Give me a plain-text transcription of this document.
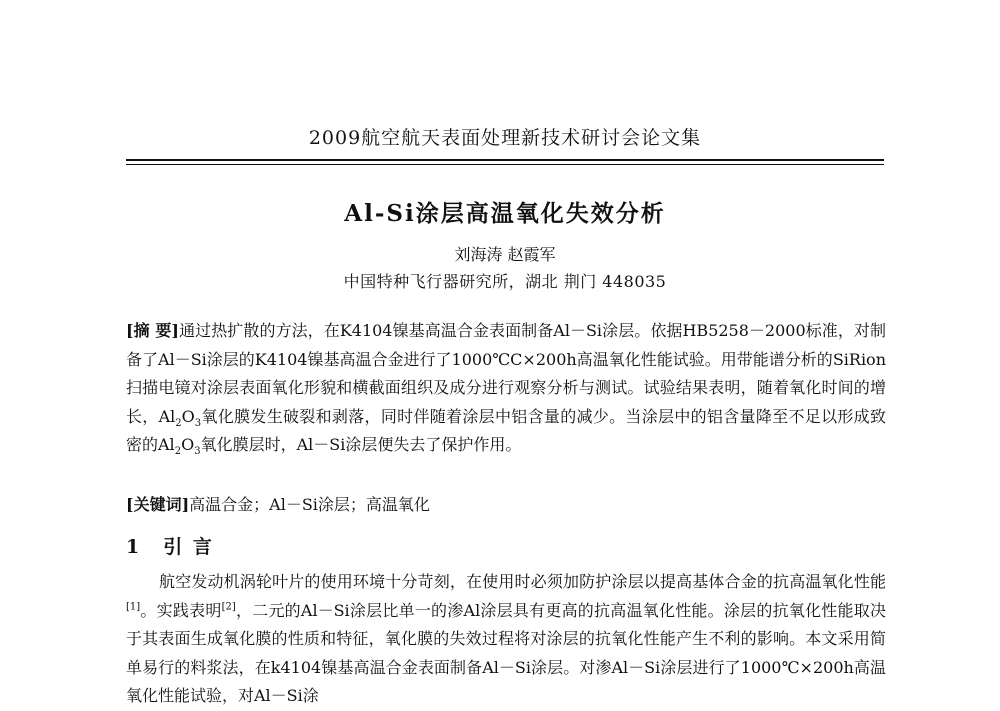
2009航空航天表面处理新技术研讨会论文集
Al-Si涂层高温氧化失效分析
刘海涛 赵霞军
中国特种飞行器研究所，湖北 荆门 448035
[摘 要]通过热扩散的方法，在K4104镍基高温合金表面制备Al－Si涂层。依据HB5258－2000标准，对制备了Al－Si涂层的K4104镍基高温合金进行了1000℃C×200h高温氧化性能试验。用带能谱分析的SiRion扫描电镜对涂层表面氧化形貌和横截面组织及成分进行观察分析与测试。试验结果表明，随着氧化时间的增长，$Al_2O_3$氧化膜发生破裂和剥落，同时伴随着涂层中铝含量的减少。当涂层中的铝含量降至不足以形成致密的$Al_2O_3$氧化膜层时，Al－Si涂层便失去了保护作用。
[关键词]高温合金；Al－Si涂层；高温氧化
1 引 言
航空发动机涡轮叶片的使用环境十分苛刻，在使用时必须加防护涂层以提高基体合金的抗高温氧化性能[1]。实践表明[2]，二元的Al－Si涂层比单一的渗Al涂层具有更高的抗高温氧化性能。涂层的抗氧化性能取决于其表面生成氧化膜的性质和特征，氧化膜的失效过程将对涂层的抗氧化性能产生不利的影响。本文采用简单易行的料浆法，在k4104镍基高温合金表面制备Al－Si涂层。对渗Al－Si涂层进行了1000℃×200h高温氧化性能试验，对Al－Si涂
